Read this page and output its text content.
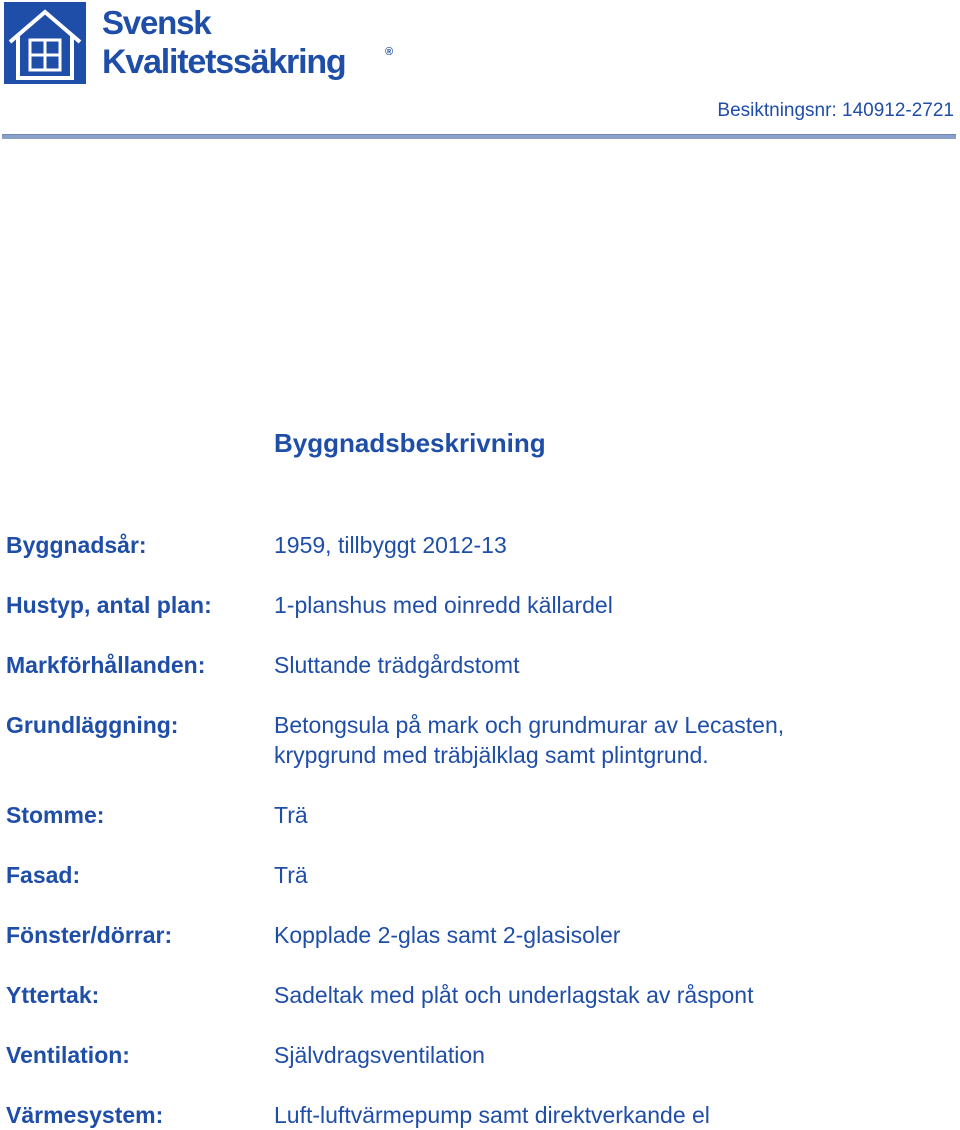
Svensk
Kvalitetssäkring	®
Besiktningsnr: 140912-2721
Byggnadsbeskrivning
Byggnadsår:	1959, tillbyggt 2012-13
Hustyp, antal plan:	1-planshus med oinredd källardel
Markförhållanden:	Sluttande trädgårdstomt
Grundläggning:	Betongsula på mark och grundmurar av Lecasten, krypgrund med träbjälklag samt plintgrund.
Stomme:	Trä
Fasad:	Trä
Fönster/dörrar:	Kopplade 2-glas samt 2-glasisoler
Yttertak:	Sadeltak med plåt och underlagstak av råspont
Ventilation:	Självdragsventilation
Värmesystem:	Luft-luftvärmepump samt direktverkande el
